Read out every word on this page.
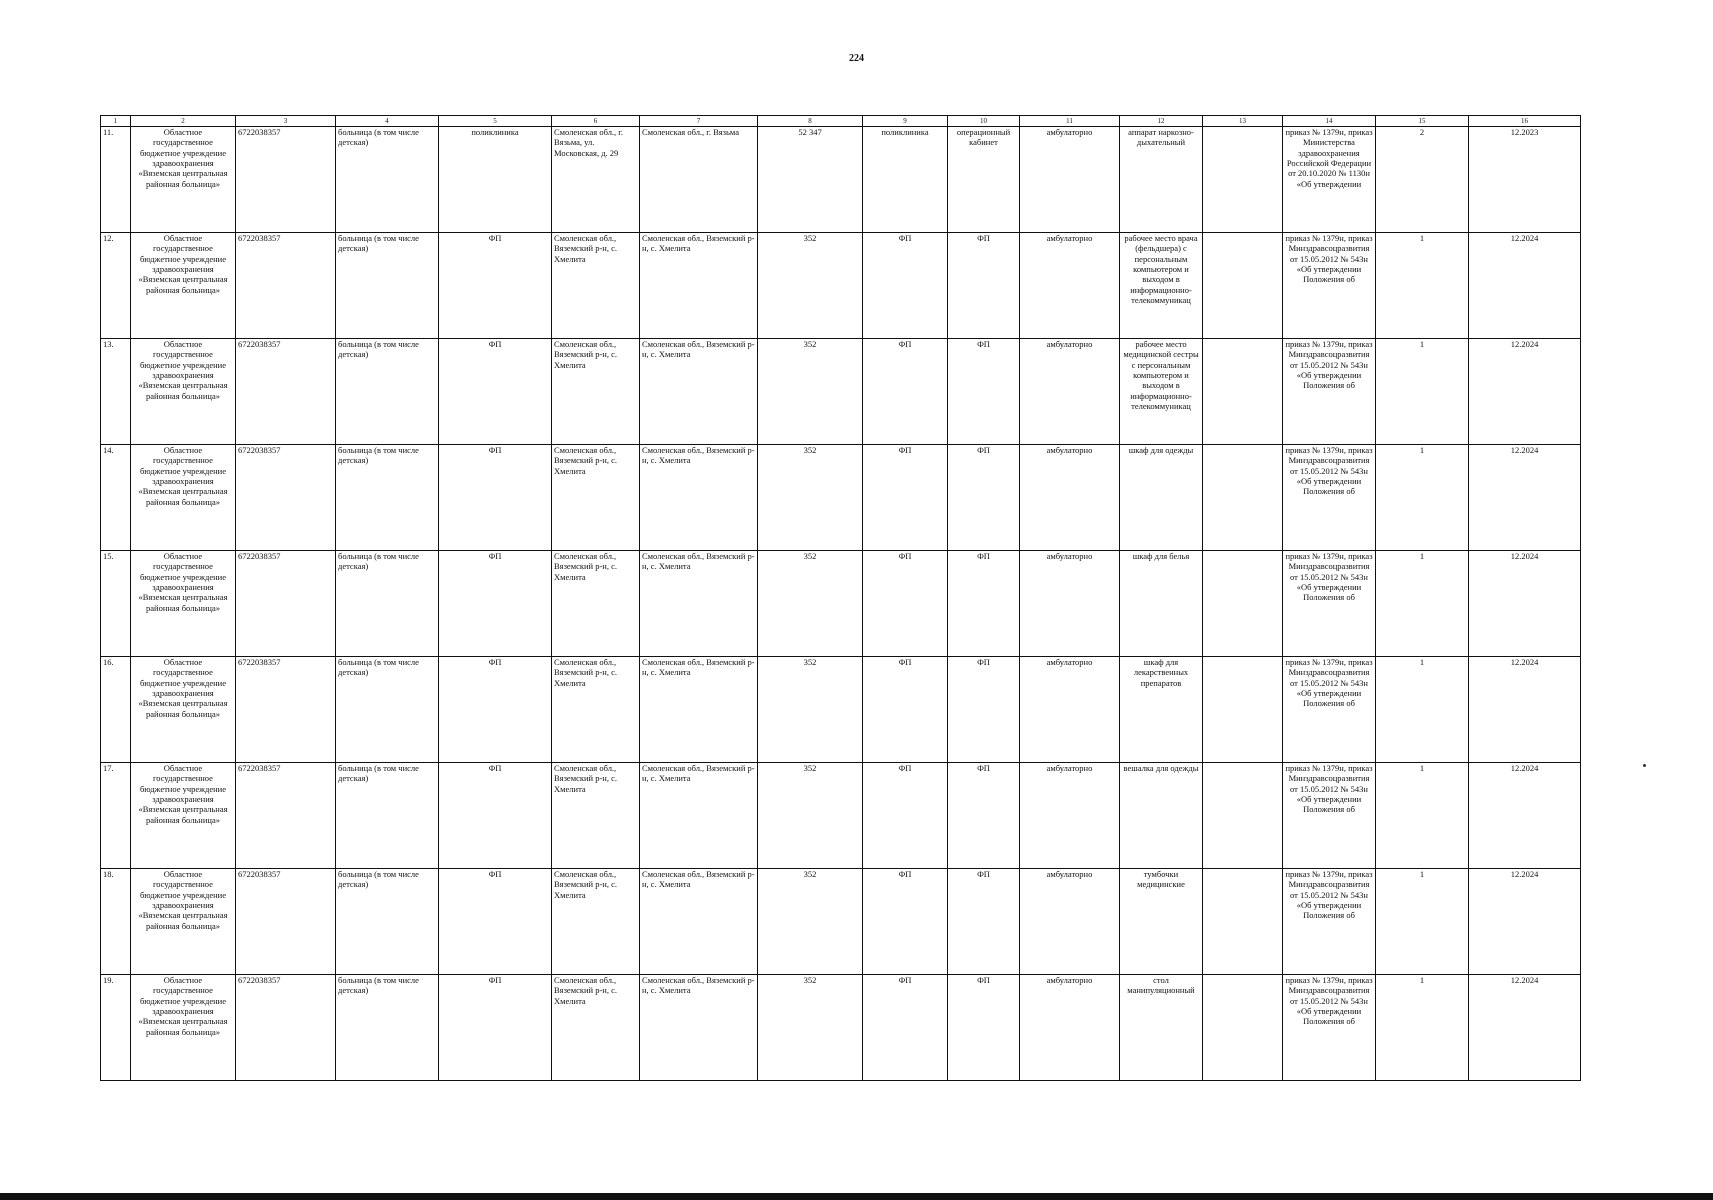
224
1	2	3	4	5	6	7	8	9	10	11	12	13	14	15	16

11.	Областное государственное бюджетное учреждение здравоохранения «Вяземская центральная районная больница»	6722038357	больница (в том числе детская)	поликлиника	Смоленская обл., г. Вязьма, ул. Московская, д. 29	Смоленская обл., г. Вязьма	52 347	поликлиника	операционный кабинет	амбулаторно	аппарат наркозно-дыхательный		приказ № 1379н, приказ Министерства здравоохранения Российской Федерации от 20.10.2020 № 1130н «Об утверждении	2	12.2023

12.	Областное государственное бюджетное учреждение здравоохранения «Вяземская центральная районная больница»	6722038357	больница (в том числе детская)	ФП	Смоленская обл., Вяземский р-н, с. Хмелита	Смоленская обл., Вяземский р-н, с. Хмелита	352	ФП	ФП	амбулаторно	рабочее место врача (фельдшера) с персональным компьютером и выходом в информационно-телекоммуникац		приказ № 1379н, приказ Минздравсоцразвития от 15.05.2012 № 543н «Об утверждении Положения об	1	12.2024

13.	Областное государственное бюджетное учреждение здравоохранения «Вяземская центральная районная больница»	6722038357	больница (в том числе детская)	ФП	Смоленская обл., Вяземский р-н, с. Хмелита	Смоленская обл., Вяземский р-н, с. Хмелита	352	ФП	ФП	амбулаторно	рабочее место медицинской сестры с персональным компьютером и выходом в информационно-телекоммуникац		приказ № 1379н, приказ Минздравсоцразвития от 15.05.2012 № 543н «Об утверждении Положения об	1	12.2024

14.	Областное государственное бюджетное учреждение здравоохранения «Вяземская центральная районная больница»	6722038357	больница (в том числе детская)	ФП	Смоленская обл., Вяземский р-н, с. Хмелита	Смоленская обл., Вяземский р-н, с. Хмелита	352	ФП	ФП	амбулаторно	шкаф для одежды		приказ № 1379н, приказ Минздравсоцразвития от 15.05.2012 № 543н «Об утверждении Положения об	1	12.2024

15.	Областное государственное бюджетное учреждение здравоохранения «Вяземская центральная районная больница»	6722038357	больница (в том числе детская)	ФП	Смоленская обл., Вяземский р-н, с. Хмелита	Смоленская обл., Вяземский р-н, с. Хмелита	352	ФП	ФП	амбулаторно	шкаф для белья		приказ № 1379н, приказ Минздравсоцразвития от 15.05.2012 № 543н «Об утверждении Положения об	1	12.2024

16.	Областное государственное бюджетное учреждение здравоохранения «Вяземская центральная районная больница»	6722038357	больница (в том числе детская)	ФП	Смоленская обл., Вяземский р-н, с. Хмелита	Смоленская обл., Вяземский р-н, с. Хмелита	352	ФП	ФП	амбулаторно	шкаф для лекарственных препаратов		приказ № 1379н, приказ Минздравсоцразвития от 15.05.2012 № 543н «Об утверждении Положения об	1	12.2024

17.	Областное государственное бюджетное учреждение здравоохранения «Вяземская центральная районная больница»	6722038357	больница (в том числе детская)	ФП	Смоленская обл., Вяземский р-н, с. Хмелита	Смоленская обл., Вяземский р-н, с. Хмелита	352	ФП	ФП	амбулаторно	вешалка для одежды		приказ № 1379н, приказ Минздравсоцразвития от 15.05.2012 № 543н «Об утверждении Положения об	1	12.2024

18.	Областное государственное бюджетное учреждение здравоохранения «Вяземская центральная районная больница»	6722038357	больница (в том числе детская)	ФП	Смоленская обл., Вяземский р-н, с. Хмелита	Смоленская обл., Вяземский р-н, с. Хмелита	352	ФП	ФП	амбулаторно	тумбочки медицинские		приказ № 1379н, приказ Минздравсоцразвития от 15.05.2012 № 543н «Об утверждении Положения об	1	12.2024

19.	Областное государственное бюджетное учреждение здравоохранения «Вяземская центральная районная больница»	6722038357	больница (в том числе детская)	ФП	Смоленская обл., Вяземский р-н, с. Хмелита	Смоленская обл., Вяземский р-н, с. Хмелита	352	ФП	ФП	амбулаторно	стол манипуляционный		приказ № 1379н, приказ Минздравсоцразвития от 15.05.2012 № 543н «Об утверждении Положения об	1	12.2024
